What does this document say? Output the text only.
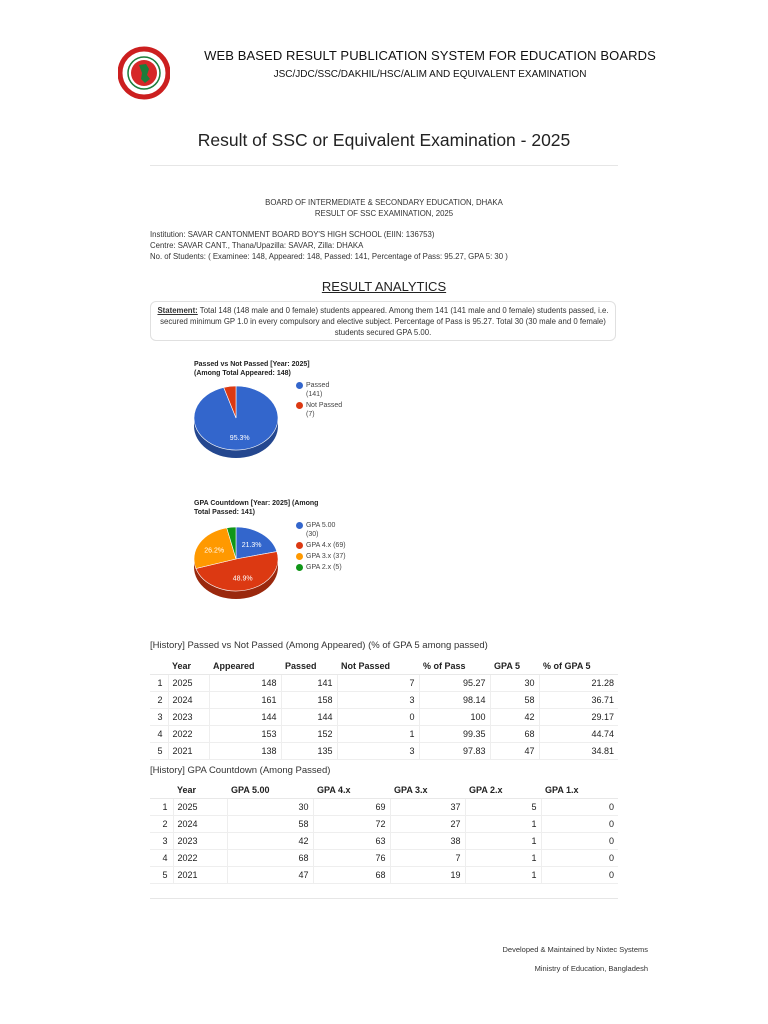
WEB BASED RESULT PUBLICATION SYSTEM FOR EDUCATION BOARDS
JSC/JDC/SSC/DAKHIL/HSC/ALIM AND EQUIVALENT EXAMINATION
Result of SSC or Equivalent Examination - 2025
BOARD OF INTERMEDIATE & SECONDARY EDUCATION, DHAKA
RESULT OF SSC EXAMINATION, 2025
Institution: SAVAR CANTONMENT BOARD BOY'S HIGH SCHOOL (EIIN: 136753)
Centre: SAVAR CANT., Thana/Upazilla: SAVAR, Zilla: DHAKA
No. of Students: ( Examinee: 148, Appeared: 148, Passed: 141, Percentage of Pass: 95.27, GPA 5: 30 )
RESULT ANALYTICS
Statement: Total 148 (148 male and 0 female) students appeared. Among them 141 (141 male and 0 female) students passed, i.e. secured minimum GP 1.0 in every compulsory and elective subject. Percentage of Pass is 95.27. Total 30 (30 male and 0 female) students secured GPA 5.00.
Passed vs Not Passed [Year: 2025] (Among Total Appeared: 148)
95.3%
Passed (141)
Not Passed (7)
GPA Countdown [Year: 2025] (Among Total Passed: 141)
21.3%
48.9%
26.2%
GPA 5.00 (30)
GPA 4.x (69)
GPA 3.x (37)
GPA 2.x (5)
[History] Passed vs Not Passed (Among Appeared) (% of GPA 5 among passed)
	Year	Appeared	Passed	Not Passed	% of Pass	GPA 5	% of GPA 5
1	2025	148	141	7	95.27	30	21.28
2	2024	161	158	3	98.14	58	36.71
3	2023	144	144	0	100	42	29.17
4	2022	153	152	1	99.35	68	44.74
5	2021	138	135	3	97.83	47	34.81
[History] GPA Countdown (Among Passed)
	Year	GPA 5.00	GPA 4.x	GPA 3.x	GPA 2.x	GPA 1.x
1	2025	30	69	37	5	0
2	2024	58	72	27	1	0
3	2023	42	63	38	1	0
4	2022	68	76	7	1	0
5	2021	47	68	19	1	0
Developed & Maintained by Nixtec Systems
Ministry of Education, Bangladesh
